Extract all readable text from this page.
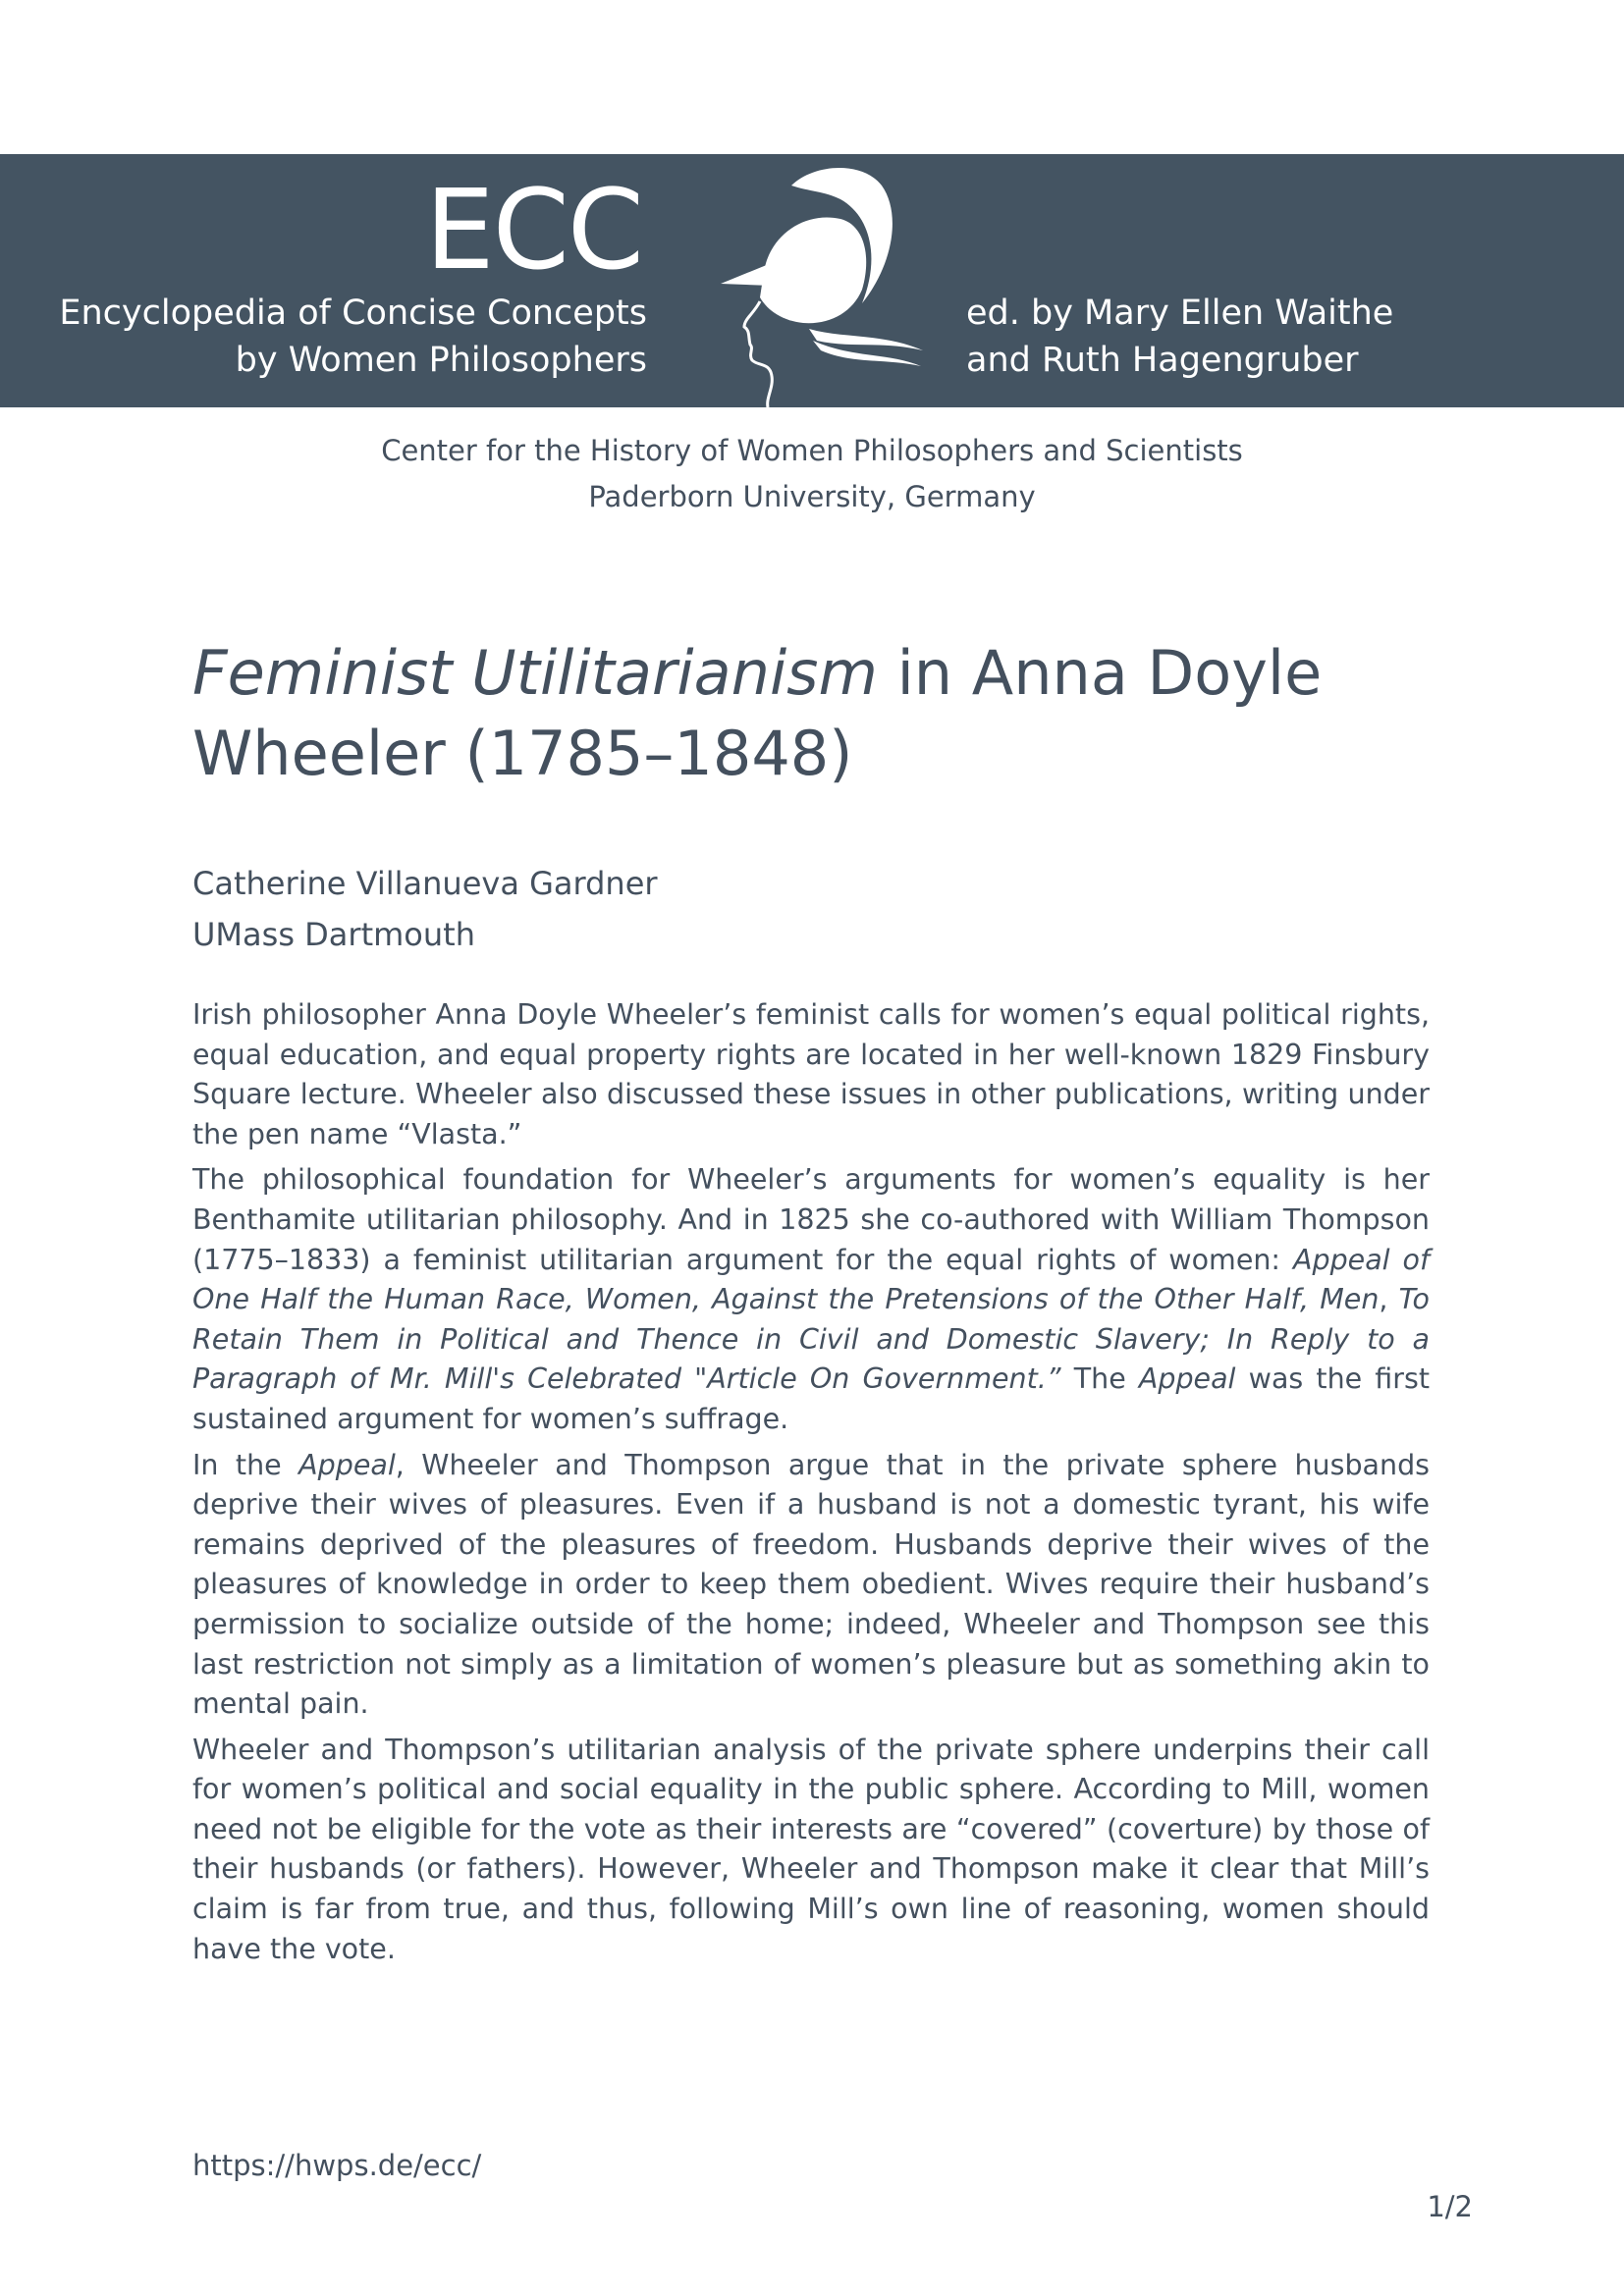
ECC
Encyclopedia of Concise Concepts
by Women Philosophers
ed. by Mary Ellen Waithe
and Ruth Hagengruber
Center for the History of Women Philosophers and Scientists
Paderborn University, Germany
Feminist Utilitarianism in Anna Doyle Wheeler (1785–1848)
Catherine Villanueva Gardner
UMass Dartmouth

Irish philosopher Anna Doyle Wheeler’s feminist calls for women’s equal political rights, equal education, and equal property rights are located in her well-known 1829 Finsbury Square lecture. Wheeler also discussed these issues in other publications, writing under the pen name “Vlasta.”

The philosophical foundation for Wheeler’s arguments for women’s equality is her Benthamite utilitarian philosophy. And in 1825 she co-authored with William Thompson (1775–1833) a feminist utilitarian argument for the equal rights of women: Appeal of One Half the Human Race, Women, Against the Pretensions of the Other Half, Men, To Retain Them in Political and Thence in Civil and Domestic Slavery; In Reply to a Paragraph of Mr. Mill's Celebrated "Article On Government.” The Appeal was the first sustained argument for women’s suffrage.

In the Appeal, Wheeler and Thompson argue that in the private sphere husbands deprive their wives of pleasures. Even if a husband is not a domestic tyrant, his wife remains deprived of the pleasures of freedom. Husbands deprive their wives of the pleasures of knowledge in order to keep them obedient. Wives require their husband’s permission to socialize outside of the home; indeed, Wheeler and Thompson see this last restriction not simply as a limitation of women’s pleasure but as something akin to mental pain.

Wheeler and Thompson’s utilitarian analysis of the private sphere underpins their call for women’s political and social equality in the public sphere. According to Mill, women need not be eligible for the vote as their interests are “covered” (coverture) by those of their husbands (or fathers). However, Wheeler and Thompson make it clear that Mill’s claim is far from true, and thus, following Mill’s own line of reasoning, women should have the vote.

https://hwps.de/ecc/
1/2
